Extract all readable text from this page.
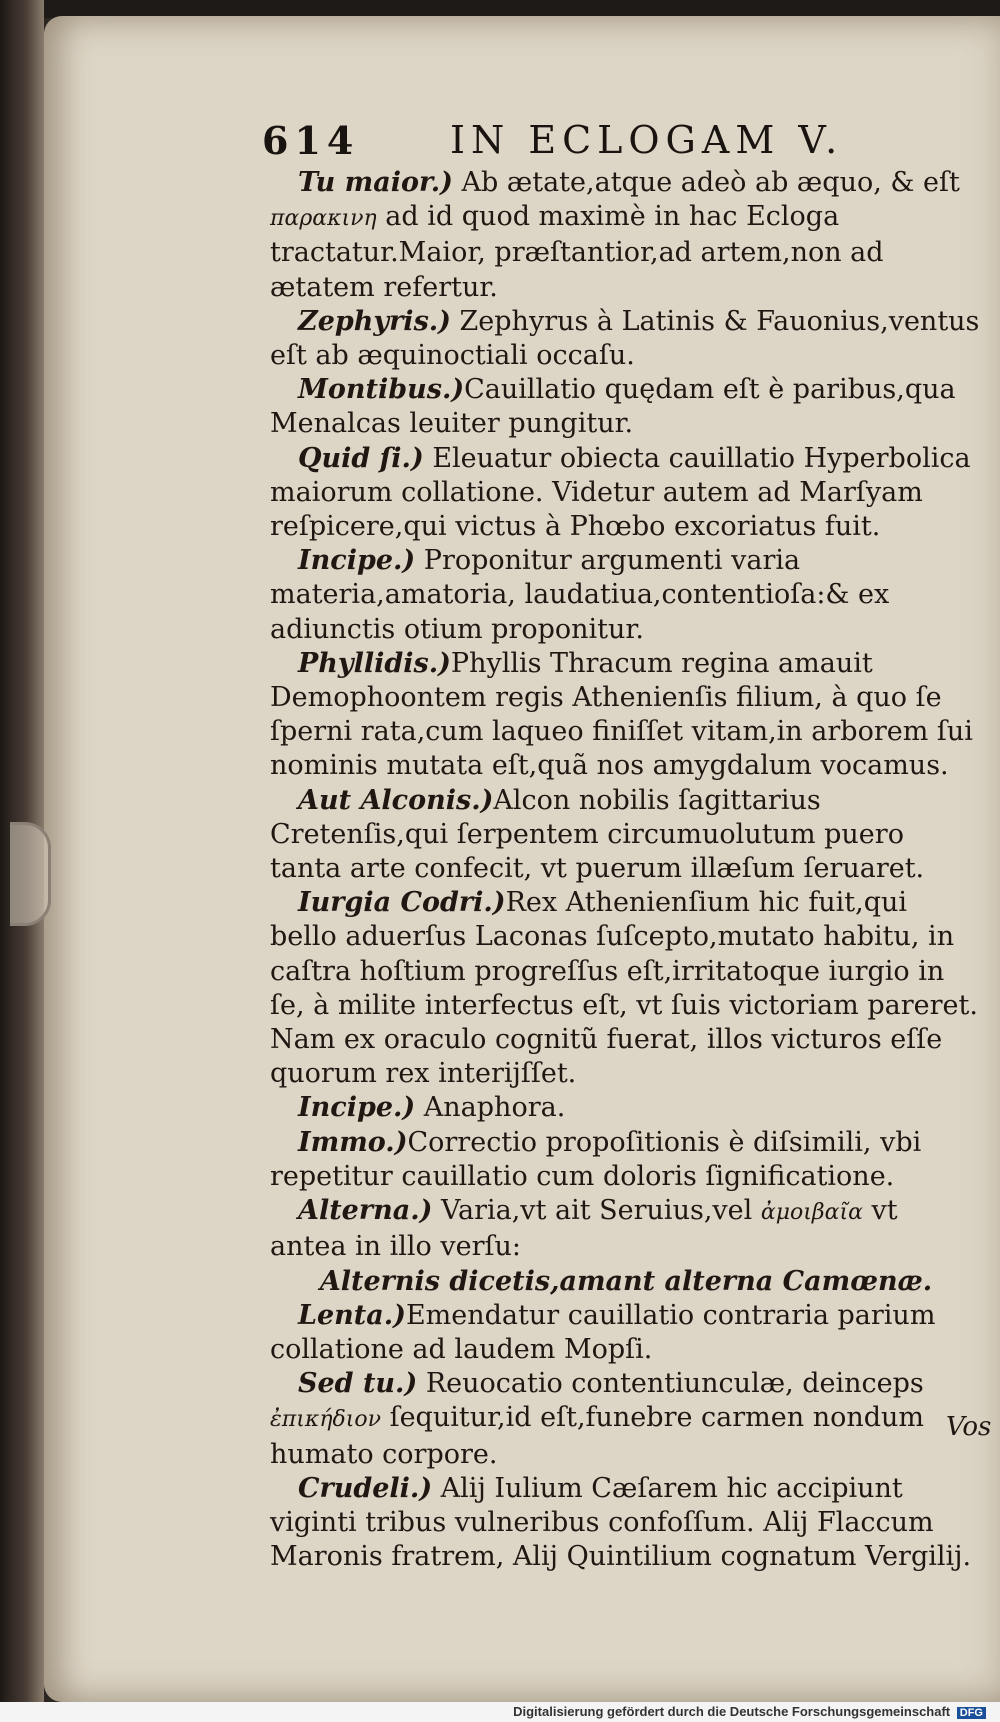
614 IN ECLOGAM V.

Tu maior.) Ab ætate,atque adeò ab æquo, & eſt παρακινη ad id quod maximè in hac Ecloga tractatur.Maior, præſtantior,ad artem,non ad ætatem refertur.

Zephyris.) Zephyrus à Latinis & Fauonius,ventus eſt ab æquinoctiali occaſu.

Montibus.)Cauillatio quędam eſt è paribus,qua Menalcas leuiter pungitur.

Quid ſi.) Eleuatur obiecta cauillatio Hyperbolica maiorum collatione. Videtur autem ad Marſyam reſpicere,qui victus à Phœbo excoriatus fuit.

Incipe.) Proponitur argumenti varia materia,amatoria, laudatiua,contentioſa:& ex adiunctis otium proponitur.

Phyllidis.)Phyllis Thracum regina amauit Demophoontem regis Athenienſis filium, à quo ſe ſperni rata,cum laqueo finiſſet vitam,in arborem ſui nominis mutata eſt,quã nos amygdalum vocamus.

Aut Alconis.)Alcon nobilis ſagittarius Cretenſis,qui ſerpentem circumuolutum puero tanta arte confecit, vt puerum illæſum ſeruaret.

Iurgia Codri.)Rex Athenienſium hic fuit,qui bello aduerſus Laconas ſuſcepto,mutato habitu, in caſtra hoſtium progreſſus eſt,irritatoque iurgio in ſe, à milite interfectus eſt, vt ſuis victoriam pareret. Nam ex oraculo cognitũ fuerat, illos victuros eſſe quorum rex interijſſet.

Incipe.) Anaphora.

Immo.)Correctio propoſitionis è diſsimili, vbi repetitur cauillatio cum doloris ſignificatione.

Alterna.) Varia,vt ait Seruius,vel ἀμοιβαῖα vt antea in illo verſu:

Alternis dicetis,amant alterna Camœnæ.

Lenta.)Emendatur cauillatio contraria parium collatione ad laudem Mopſi.

Sed tu.) Reuocatio contentiunculæ, deinceps ἐπικήδιον ſequitur,id eſt,funebre carmen nondum humato corpore.

Crudeli.) Alij Iulium Cæſarem hic accipiunt viginti tribus vulneribus confoſſum. Alij Flaccum Maronis fratrem, Alij Quintilium cognatum Vergilij.

Vos
Digitalisierung gefördert durch die Deutsche Forschungsgemeinschaft DFG
